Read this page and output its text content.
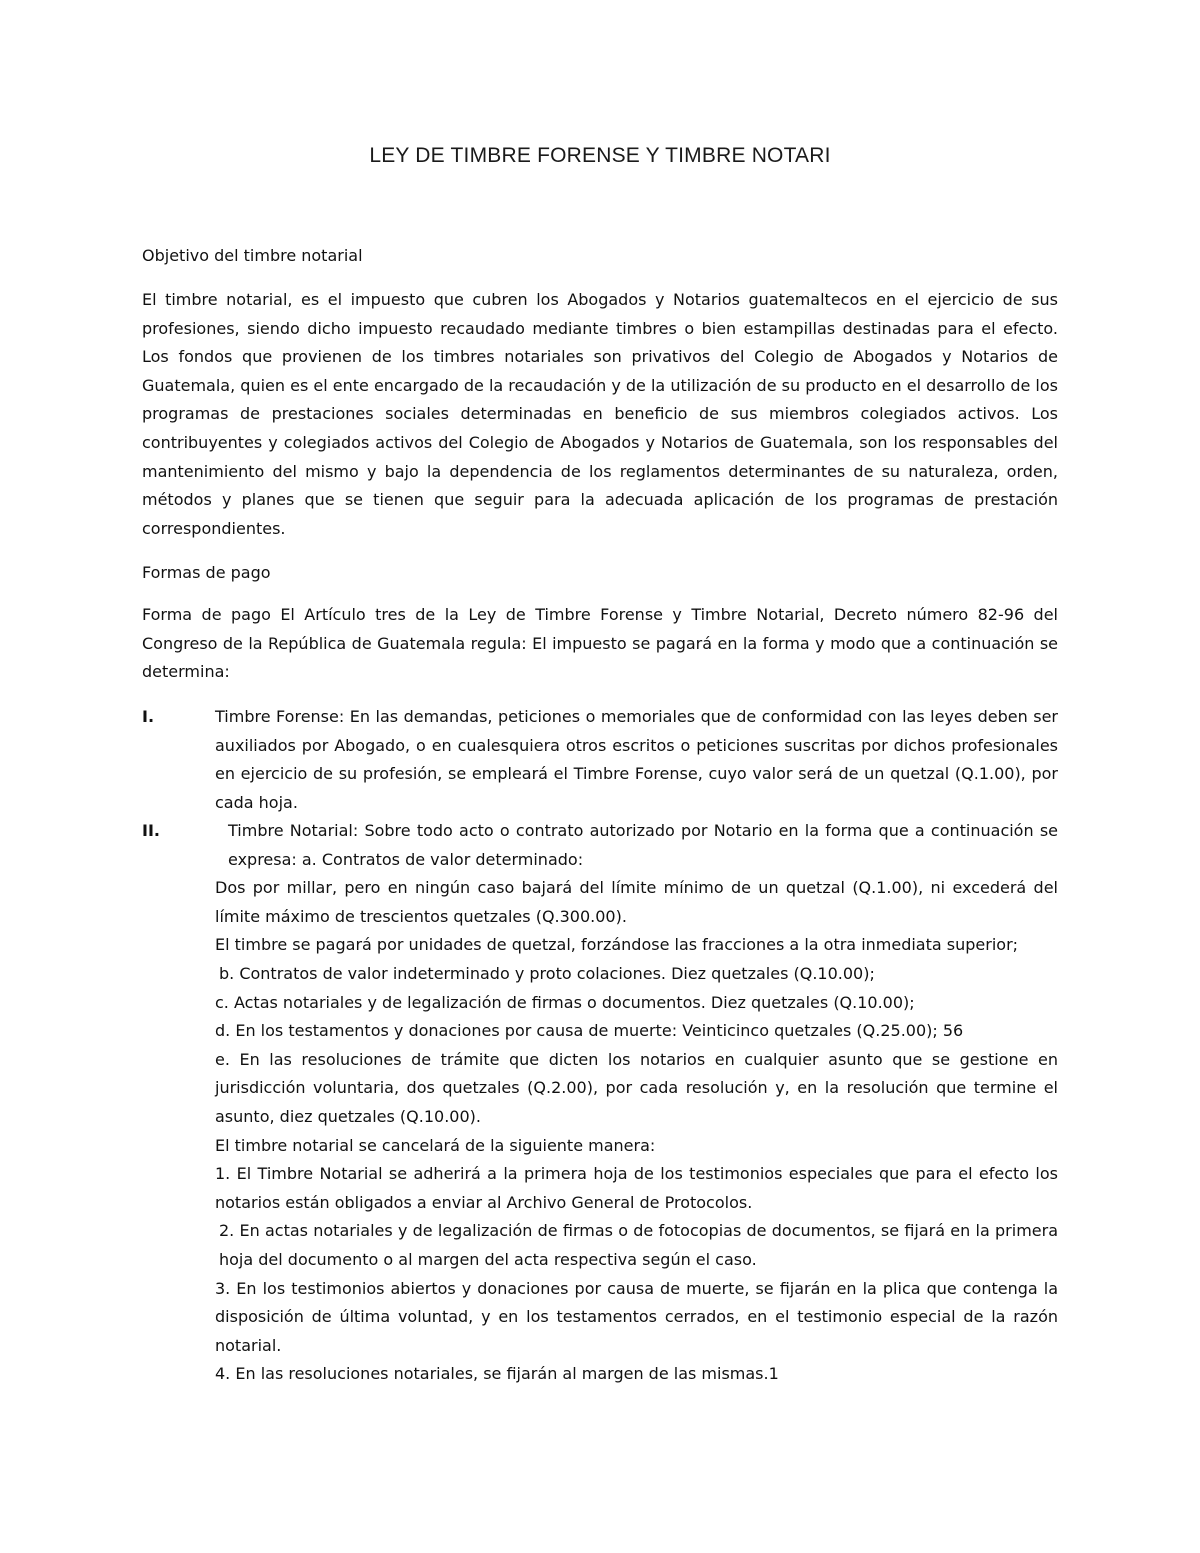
LEY DE TIMBRE FORENSE Y TIMBRE NOTARI
Objetivo del timbre notarial
El timbre notarial, es el impuesto que cubren los Abogados y Notarios guatemaltecos en el ejercicio de sus profesiones, siendo dicho impuesto recaudado mediante timbres o bien estampillas destinadas para el efecto. Los fondos que provienen de los timbres notariales son privativos del Colegio de Abogados y Notarios de Guatemala, quien es el ente encargado de la recaudación y de la utilización de su producto en el desarrollo de los programas de prestaciones sociales determinadas en beneficio de sus miembros colegiados activos. Los contribuyentes y colegiados activos del Colegio de Abogados y Notarios de Guatemala, son los responsables del mantenimiento del mismo y bajo la dependencia de los reglamentos determinantes de su naturaleza, orden, métodos y planes que se tienen que seguir para la adecuada aplicación de los programas de prestación correspondientes.
Formas de pago
Forma de pago El Artículo tres de la Ley de Timbre Forense y Timbre Notarial, Decreto número 82-96 del Congreso de la República de Guatemala regula: El impuesto se pagará en la forma y modo que a continuación se determina:
I.	Timbre Forense: En las demandas, peticiones o memoriales que de conformidad con las leyes deben ser auxiliados por Abogado, o en cualesquiera otros escritos o peticiones suscritas por dichos profesionales en ejercicio de su profesión, se empleará el Timbre Forense, cuyo valor será de un quetzal (Q.1.00), por cada hoja.
II.	Timbre Notarial: Sobre todo acto o contrato autorizado por Notario en la forma que a continuación se expresa: a. Contratos de valor determinado:

Dos por millar, pero en ningún caso bajará del límite mínimo de un quetzal (Q.1.00), ni excederá del límite máximo de trescientos quetzales (Q.300.00).

El timbre se pagará por unidades de quetzal, forzándose las fracciones a la otra inmediata superior;

b. Contratos de valor indeterminado y proto colaciones. Diez quetzales (Q.10.00);

c. Actas notariales y de legalización de firmas o documentos. Diez quetzales (Q.10.00);

d. En los testamentos y donaciones por causa de muerte: Veinticinco quetzales (Q.25.00); 56

e. En las resoluciones de trámite que dicten los notarios en cualquier asunto que se gestione en jurisdicción voluntaria, dos quetzales (Q.2.00), por cada resolución y, en la resolución que termine el asunto, diez quetzales (Q.10.00).

El timbre notarial se cancelará de la siguiente manera:

1. El Timbre Notarial se adherirá a la primera hoja de los testimonios especiales que para el efecto los notarios están obligados a enviar al Archivo General de Protocolos.

2. En actas notariales y de legalización de firmas o de fotocopias de documentos, se fijará en la primera hoja del documento o al margen del acta respectiva según el caso.

3. En los testimonios abiertos y donaciones por causa de muerte, se fijarán en la plica que contenga la disposición de última voluntad, y en los testamentos cerrados, en el testimonio especial de la razón notarial.

4. En las resoluciones notariales, se fijarán al margen de las mismas.1
